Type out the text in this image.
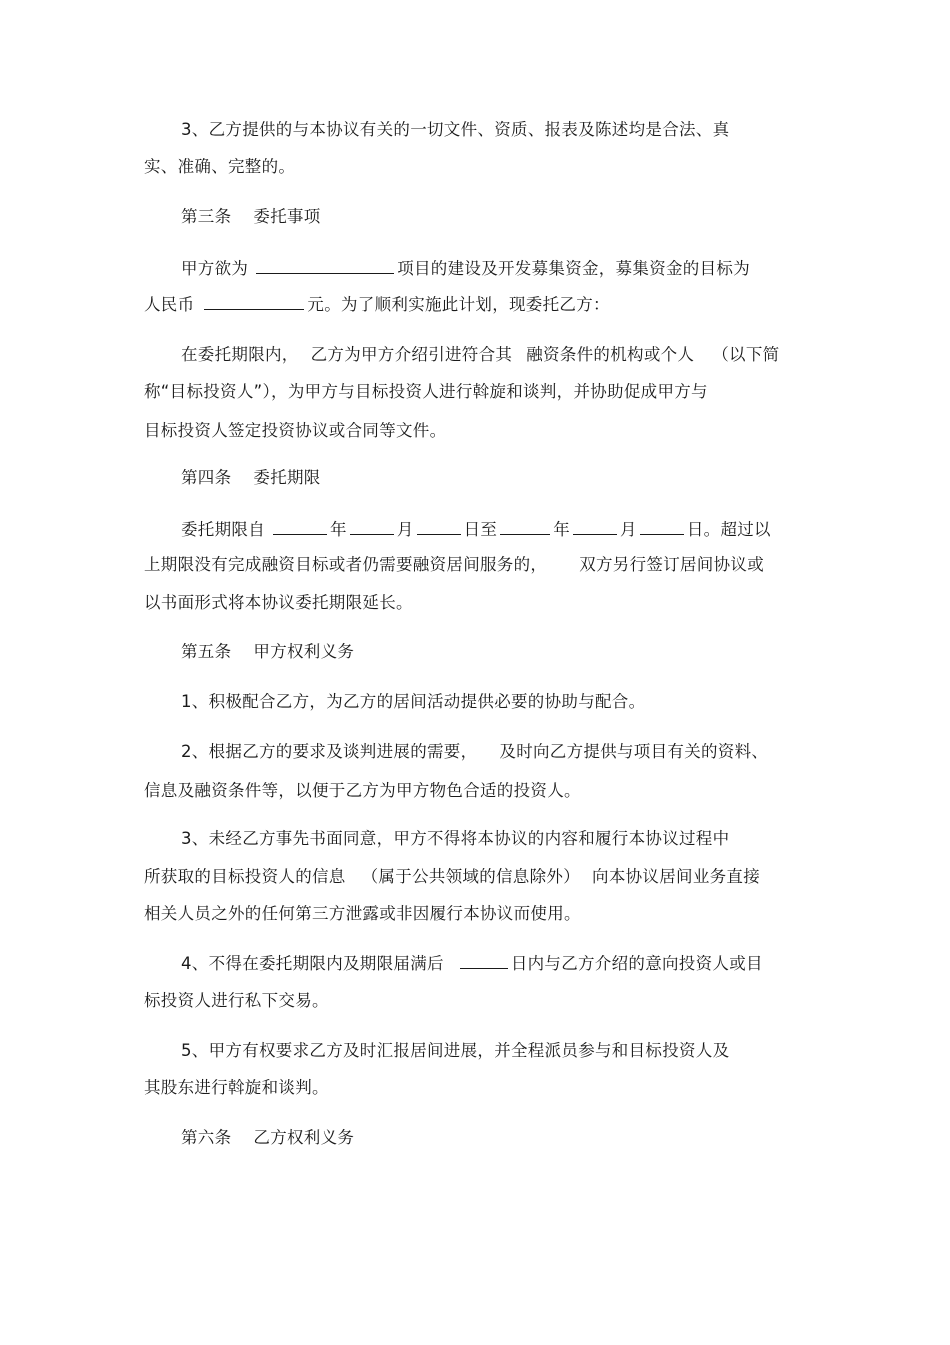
3、乙方提供的与本协议有关的一切文件、资质、报表及陈述均是合法、真
实、准确、完整的。
第三条 委托事项
甲方欲为	项目的建设及开发募集资金，募集资金的目标为
人民币	元。为了顺利实施此计划，现委托乙方：
在委托期限内， 乙方为甲方介绍引进符合其 融资条件的机构或个人 （以下简
称“目标投资人”），为甲方与目标投资人进行斡旋和谈判，并协助促成甲方与
目标投资人签定投资协议或合同等文件。
第四条 委托期限
委托期限自	年	月	日至	年	月	日。超过以
上期限没有完成融资目标或者仍需要融资居间服务的， 双方另行签订居间协议或
以书面形式将本协议委托期限延长。
第五条 甲方权利义务
1、积极配合乙方，为乙方的居间活动提供必要的协助与配合。
2、根据乙方的要求及谈判进展的需要， 及时向乙方提供与项目有关的资料、
信息及融资条件等，以便于乙方为甲方物色合适的投资人。
3、未经乙方事先书面同意，甲方不得将本协议的内容和履行本协议过程中
所获取的目标投资人的信息 （属于公共领域的信息除外） 向本协议居间业务直接
相关人员之外的任何第三方泄露或非因履行本协议而使用。
4、不得在委托期限内及期限届满后	日内与乙方介绍的意向投资人或目
标投资人进行私下交易。
5、甲方有权要求乙方及时汇报居间进展，并全程派员参与和目标投资人及
其股东进行斡旋和谈判。
第六条 乙方权利义务
